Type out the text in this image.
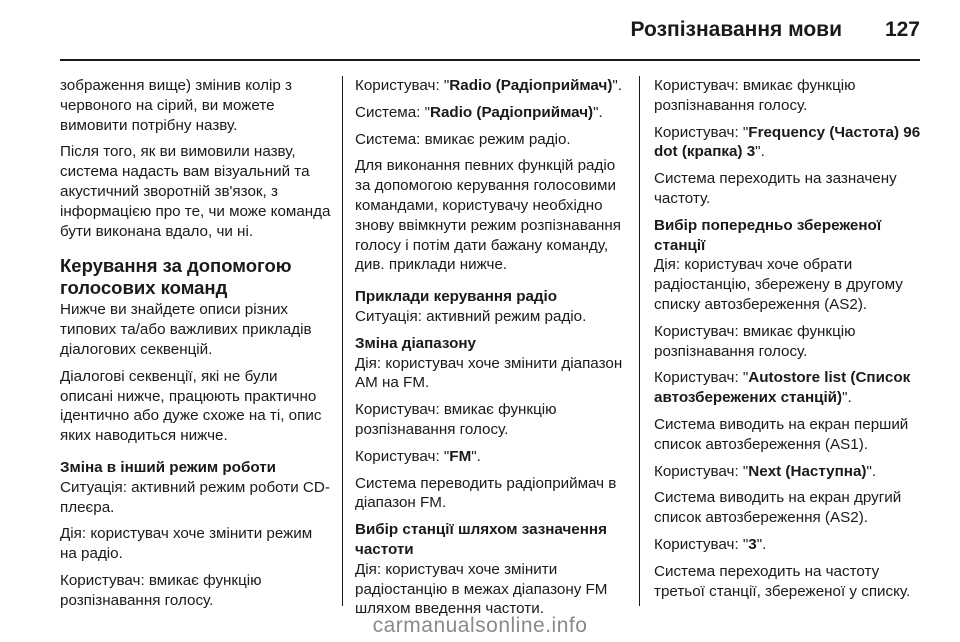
Розпізнавання мови 127

зображення вище) змінив колір з червоного на сірий, ви можете вимовити потрібну назву.

Після того, як ви вимовили назву, система надасть вам візуальний та акустичний зворотній зв'язок, з інформацією про те, чи може команда бути виконана вдало, чи ні.

Керування за допомогою голосових команд

Нижче ви знайдете описи різних типових та/або важливих прикладів діалогових секвенцій.

Діалогові секвенції, які не були описані нижче, працюють практично ідентично або дуже схоже на ті, опис яких наводиться нижче.

Зміна в інший режим роботи

Ситуація: активний режим роботи CD-плеєра.

Дія: користувач хоче змінити режим на радіо.

Користувач: вмикає функцію розпізнавання голосу.

Користувач: "Radio (Радіоприймач)".

Система: "Radio (Радіоприймач)".

Система: вмикає режим радіо.

Для виконання певних функцій радіо за допомогою керування голосовими командами, користувачу необхідно знову ввімкнути режим розпізнавання голосу і потім дати бажану команду, див. приклади нижче.

Приклади керування радіо

Ситуація: активний режим радіо.

Зміна діапазону

Дія: користувач хоче змінити діапазон AM на FM.

Користувач: вмикає функцію розпізнавання голосу.

Користувач: "FM".

Система переводить радіоприймач в діапазон FM.

Вибір станції шляхом зазначення частоти

Дія: користувач хоче змінити радіостанцію в межах діапазону FM шляхом введення частоти.

Користувач: вмикає функцію розпізнавання голосу.

Користувач: "Frequency (Частота) 96 dot (крапка) 3".

Система переходить на зазначену частоту.

Вибір попередньо збереженої станції

Дія: користувач хоче обрати радіостанцію, збережену в другому списку автозбереження (AS2).

Користувач: вмикає функцію розпізнавання голосу.

Користувач: "Autostore list (Список автозбережених станцій)".

Система виводить на екран перший список автозбереження (AS1).

Користувач: "Next (Наступна)".

Система виводить на екран другий список автозбереження (AS2).

Користувач: "3".

Система переходить на частоту третьої станції, збереженої у списку.

carmanualsonline.info
